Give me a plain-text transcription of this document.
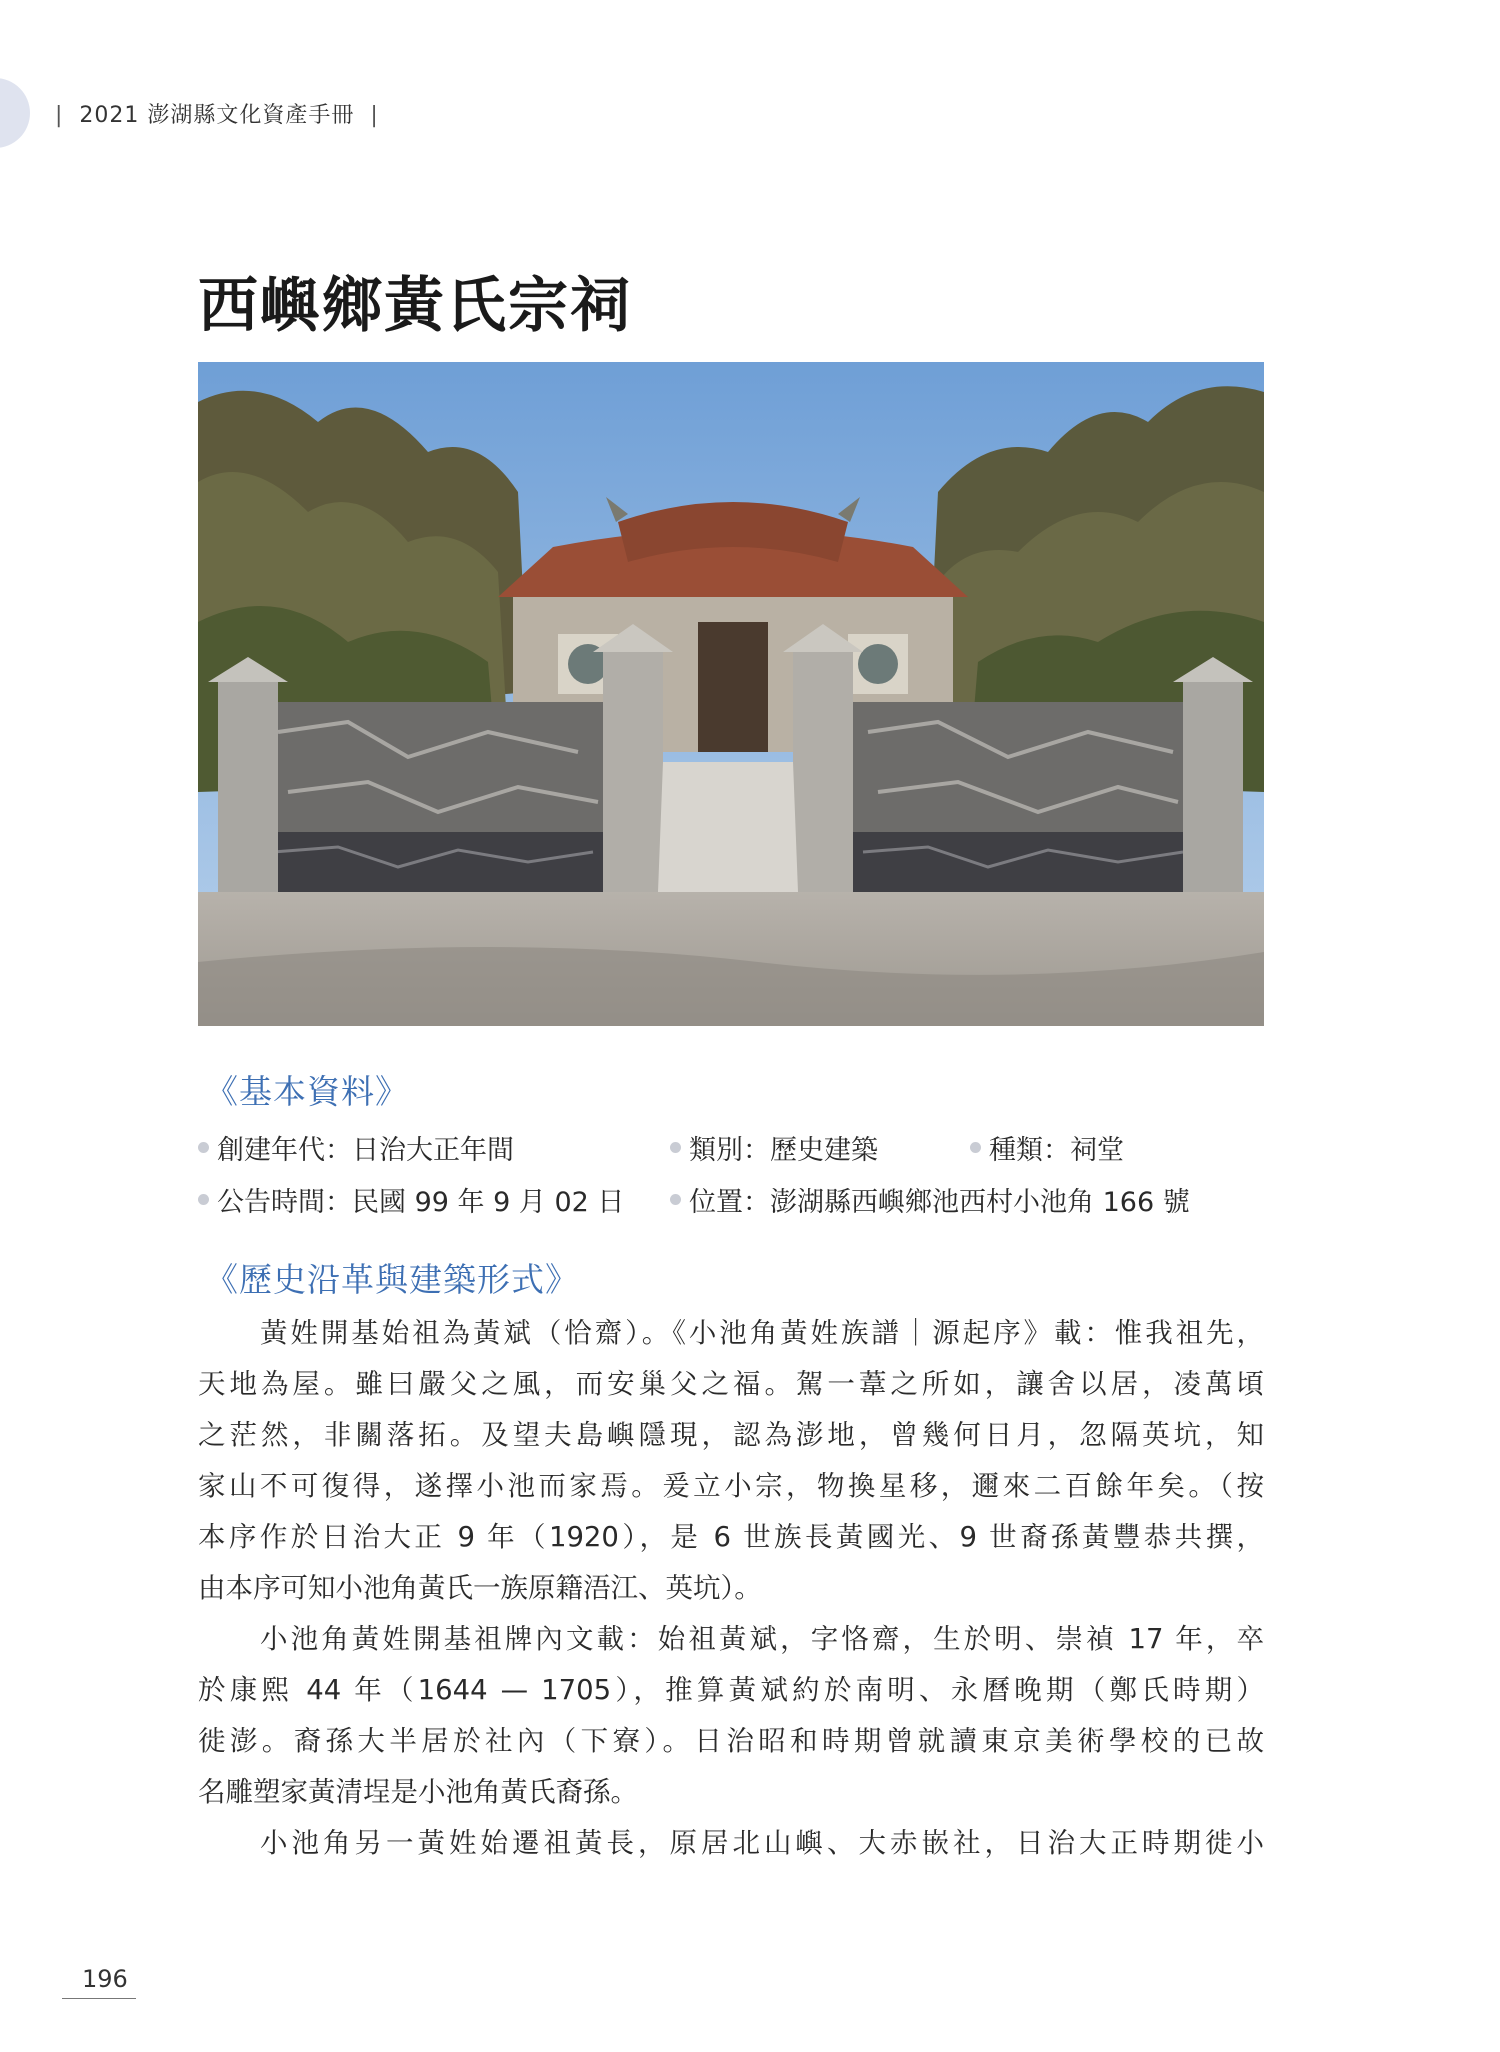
| 2021 澎湖縣文化資產手冊 |
西嶼鄉黃氏宗祠
《基本資料》
創建年代：日治大正年間	類別：歷史建築	種類：祠堂
公告時間：民國 99 年 9 月 02 日 位置：澎湖縣西嶼鄉池西村小池角 166 號
《歷史沿革與建築形式》

黃姓開基始祖為黃斌（恰齋）。《小池角黃姓族譜｜源起序》載：惟我祖先，

天地為屋。雖曰嚴父之風，而安巢父之福。駕一葦之所如，讓舍以居，凌萬頃

之茫然，非關落拓。及望夫島嶼隱現，認為澎地，曾幾何日月，忽隔英坑，知

家山不可復得，遂擇小池而家焉。爰立小宗，物換星移，邇來二百餘年矣。（按

本序作於日治大正 9 年（1920），是 6 世族長黃國光、9 世裔孫黃豐恭共撰，

由本序可知小池角黃氏一族原籍浯江、英坑）。

小池角黃姓開基祖牌內文載：始祖黃斌，字恪齋，生於明、崇禎 17 年，卒

於康熙 44 年（1644 — 1705），推算黃斌約於南明、永曆晚期（鄭氏時期）

徙澎。裔孫大半居於社內（下寮）。日治昭和時期曾就讀東京美術學校的已故

名雕塑家黃清埕是小池角黃氏裔孫。

小池角另一黃姓始遷祖黃長，原居北山嶼、大赤嵌社，日治大正時期徙小

196
